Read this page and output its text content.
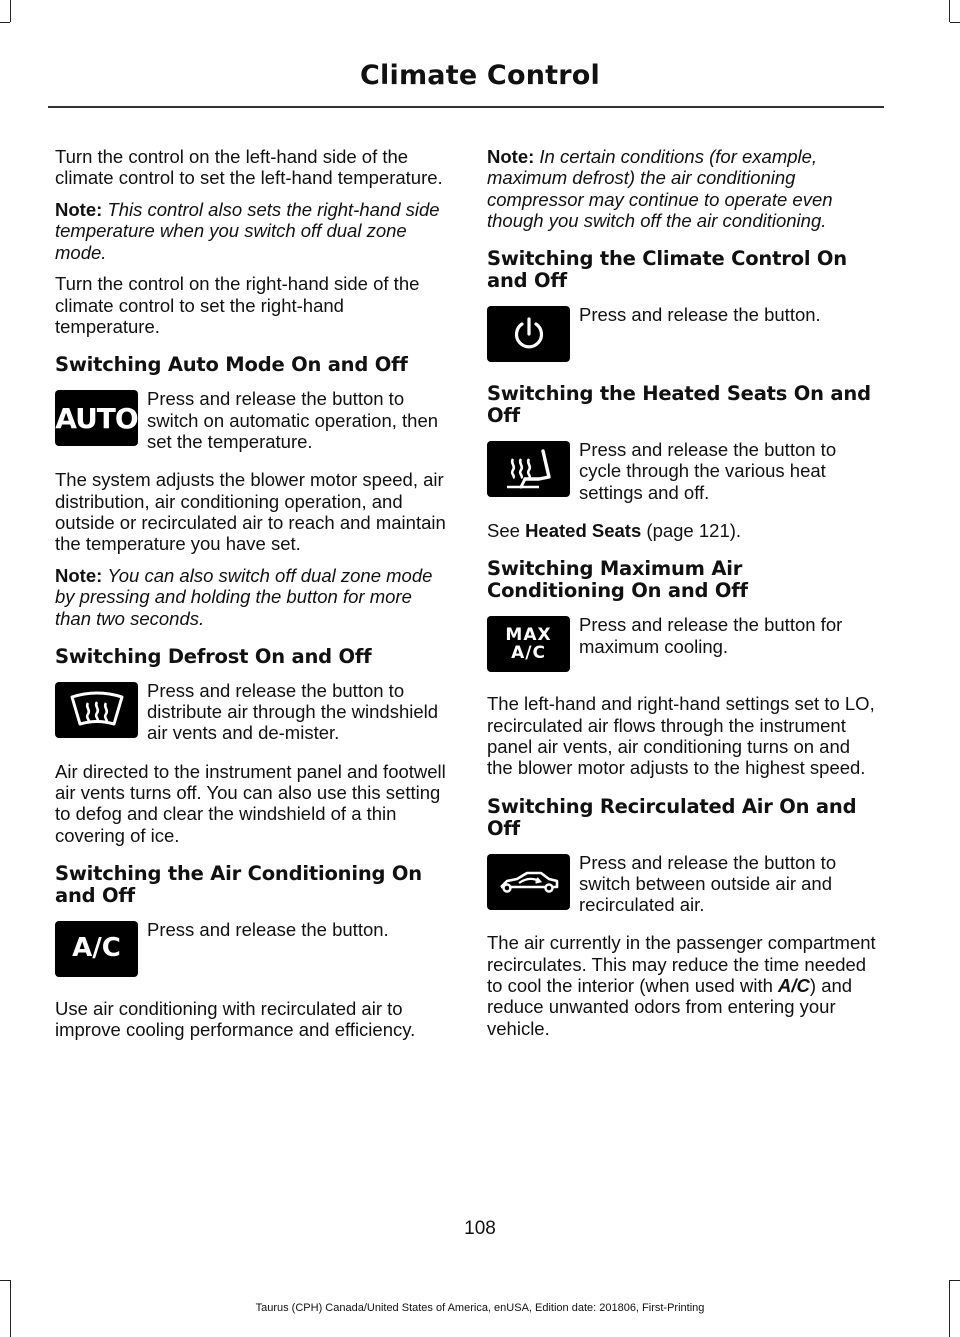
Climate Control

Turn the control on the left-hand side of the climate control to set the left-hand temperature.

Note: This control also sets the right-hand side temperature when you switch off dual zone mode.

Turn the control on the right-hand side of the climate control to set the right-hand temperature.

Switching Auto Mode On and Off
AUTO
Press and release the button to switch on automatic operation, then set the temperature.

The system adjusts the blower motor speed, air distribution, air conditioning operation, and outside or recirculated air to reach and maintain the temperature you have set.

Note: You can also switch off dual zone mode by pressing and holding the button for more than two seconds.

Switching Defrost On and Off
Press and release the button to distribute air through the windshield air vents and de-mister.

Air directed to the instrument panel and footwell air vents turns off. You can also use this setting to defog and clear the windshield of a thin covering of ice.

Switching the Air Conditioning On and Off
A/C
Press and release the button.

Use air conditioning with recirculated air to improve cooling performance and efficiency.

Note: In certain conditions (for example, maximum defrost) the air conditioning compressor may continue to operate even though you switch off the air conditioning.

Switching the Climate Control On and Off
Press and release the button.
Switching the Heated Seats On and Off
Press and release the button to cycle through the various heat settings and off.

See Heated Seats (page 121).

Switching Maximum Air Conditioning On and Off
MAX
A/C
Press and release the button for maximum cooling.

The left-hand and right-hand settings set to LO, recirculated air flows through the instrument panel air vents, air conditioning turns on and the blower motor adjusts to the highest speed.

Switching Recirculated Air On and Off
Press and release the button to switch between outside air and recirculated air.

The air currently in the passenger compartment recirculates. This may reduce the time needed to cool the interior (when used with A/C) and reduce unwanted odors from entering your vehicle.

108
Taurus (CPH) Canada/United States of America, enUSA, Edition date: 201806, First-Printing
